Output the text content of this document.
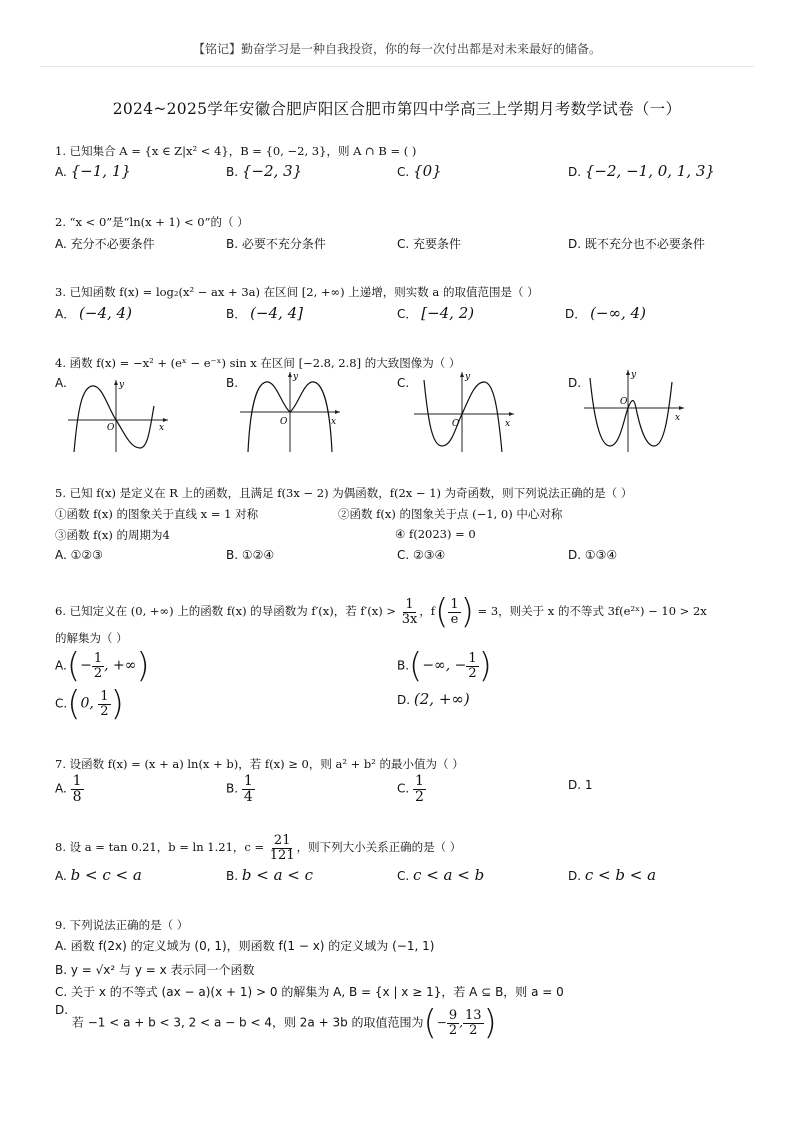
【铭记】勤奋学习是一种自我投资，你的每一次付出都是对未来最好的储备。
2024~2025学年安徽合肥庐阳区合肥市第四中学高三上学期月考数学试卷（一）
1. 已知集合 A = {x ∈ Z|x² < 4}，B = {0, −2, 3}，则 A ∩ B = ( )
A. {−1, 1}	B. {−2, 3}	C. {0}	D. {−2, −1, 0, 1, 3}
2. “x < 0”是“ln(x + 1) < 0”的（ ）
A. 充分不必要条件	B. 必要不充分条件	C. 充要条件	D. 既不充分也不必要条件
3. 已知函数 f(x) = log₂(x² − ax + 3a) 在区间 [2, +∞) 上递增，则实数 a 的取值范围是（ ）
A． (−4, 4)	B． (−4, 4]	C． [−4, 2)	D． (−∞, 4)
4. 函数 f(x) = −x² + (eˣ − e⁻ˣ) sin x 在区间 [−2.8, 2.8] 的大致图像为（ ）
A.	B.	C.	D.
O	x
y
O	x
y
O	x
y
O
x
y
5. 已知 f(x) 是定义在 R 上的函数，且满足 f(3x − 2) 为偶函数，f(2x − 1) 为奇函数，则下列说法正确的是（ ）
①函数 f(x) 的图象关于直线 x = 1 对称	②函数 f(x) 的图象关于点 (−1, 0) 中心对称
③函数 f(x) 的周期为4	④ f(2023) = 0
A. ①②③	B. ①②④	C. ②③④	D. ①③④
6. 已知定义在 (0, +∞) 上的函数 f(x) 的导函数为 f′(x)，若 $f'(x) > \frac{1}{3x}$ ，$f( \frac{1}{e}$ ) = 3，则关于 x 的不等式 3f(e²ˣ) − 10 > 2x
的解集为（ ）
$A.(- \frac{1}{2}$ , +∞)	B.(−∞, − $\frac{1}{2}$ )
C.(0, $\frac{1}{2}$ )	D. (2, +∞)
7. 设函数 f(x) = (x + a) ln(x + b)，若 f(x) ≥ 0，则 a² + b² 的最小值为（ ）
A. $\frac{1}{8}$	B. $\frac{1}{4}$	C. $\frac{1}{2}$	D. 1
8. 设 a = tan 0.21，b = ln 1.21，$c = \frac{21}{121}$ ，则下列大小关系正确的是（ ）
A. b < c < a	B. b < a < c	C. c < a < b	D. c < b < a
9. 下列说法正确的是（ ）
A. 函数 f(2x) 的定义域为 (0, 1)，则函数 f(1 − x) 的定义域为 (−1, 1)
B. y = √x² 与 y = x 表示同一个函数
C. 关于 x 的不等式 (ax − a)(x + 1) > 0 的解集为 A, B = {x | x ≥ 1}，若 A ⊆ B，则 a = 0
D. 若 −1 < a + b < 3, 2 < a − b < 4，则 2a + 3b 的取值范围为(− $\frac{9}{2}$ , $\frac{13}{2}$ )
